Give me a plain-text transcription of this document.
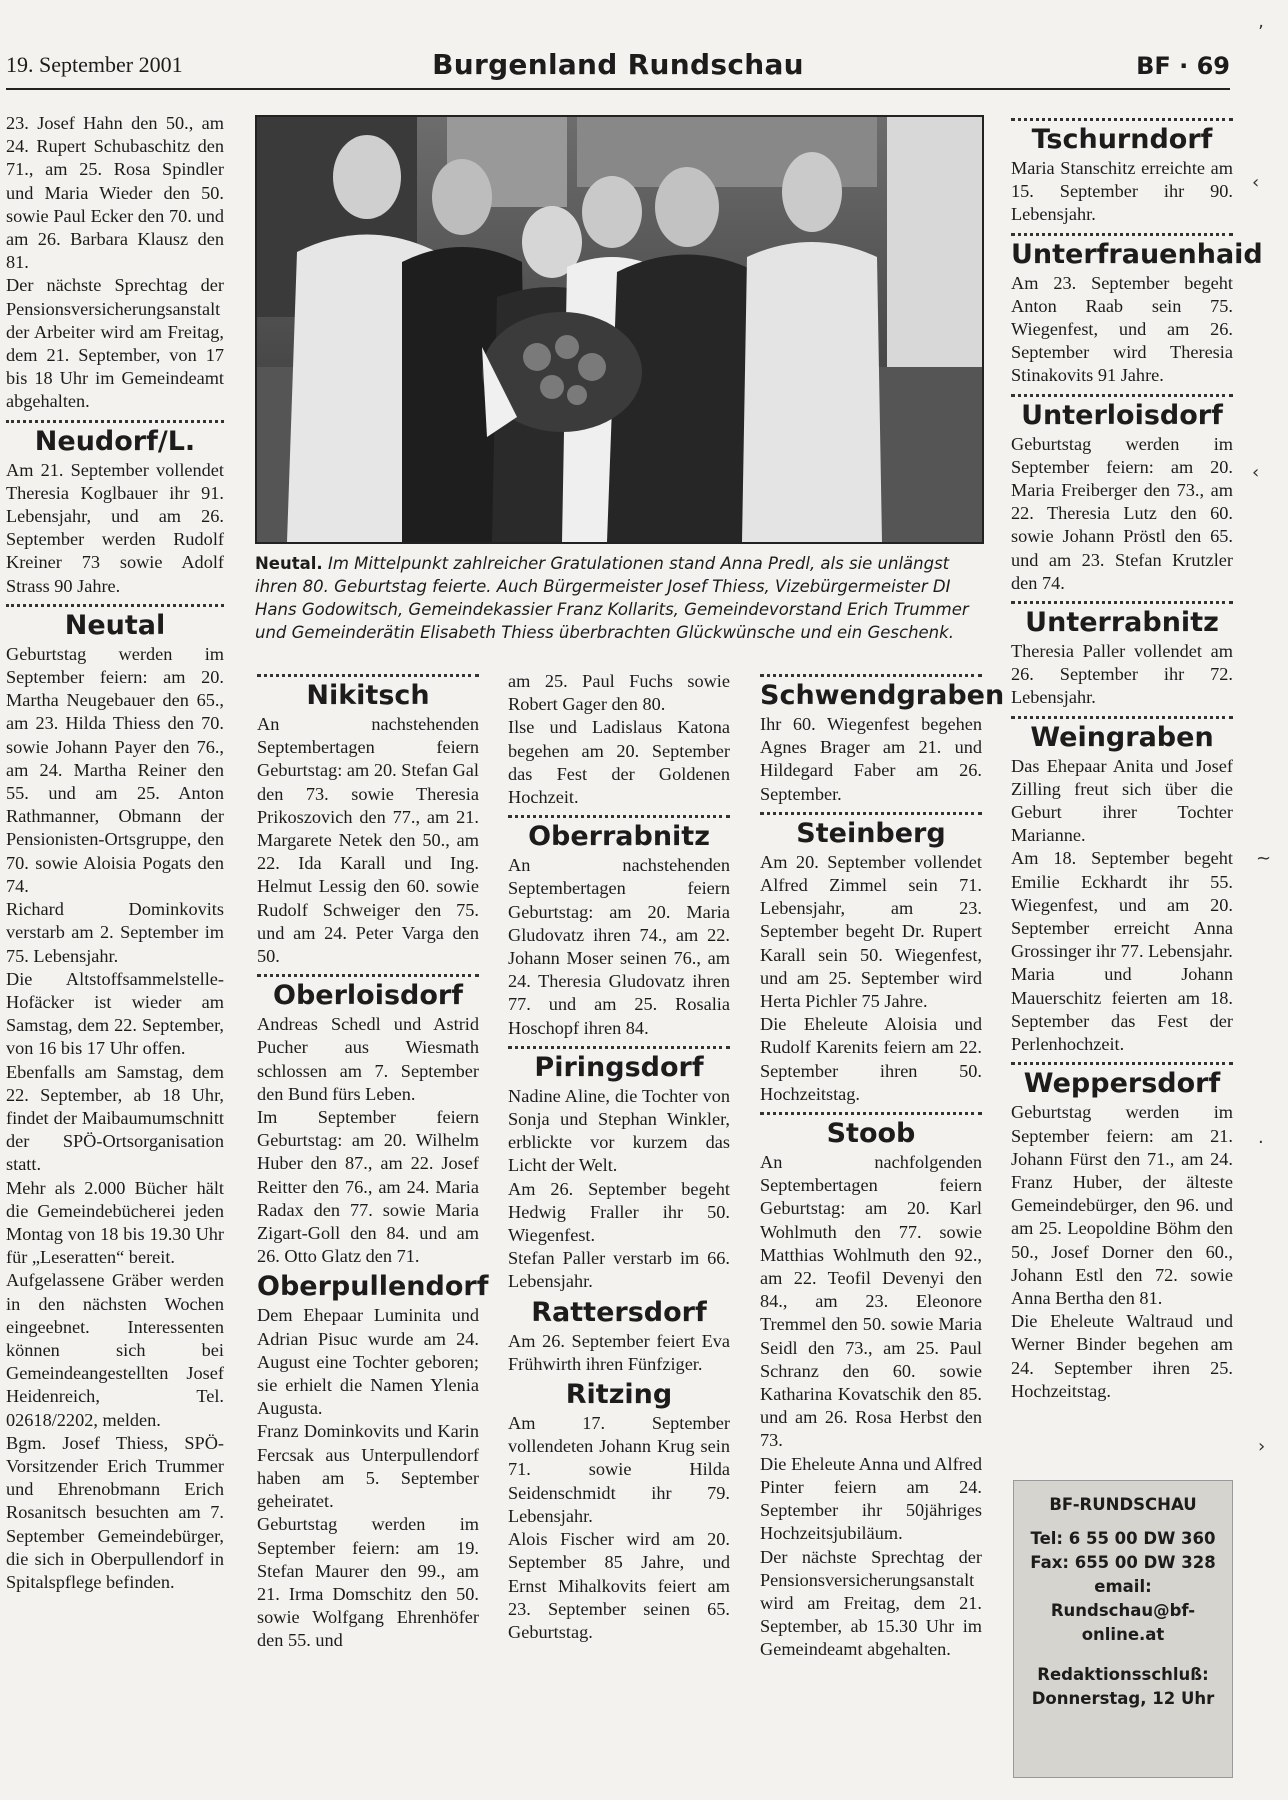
19. September 2001	Burgenland Rundschau	BF · 69

23. Josef Hahn den 50., am 24. Rupert Schubaschitz den 71., am 25. Rosa Spindler und Maria Wieder den 50. sowie Paul Ecker den 70. und am 26. Barbara Klausz den 81.

Der nächste Sprechtag der Pensionsversicherungsanstalt der Arbeiter wird am Freitag, dem 21. September, von 17 bis 18 Uhr im Gemeindeamt abgehalten.

Neudorf/L.

Am 21. September vollendet Theresia Koglbauer ihr 91. Lebensjahr, und am 26. September werden Rudolf Kreiner 73 sowie Adolf Strass 90 Jahre.

Neutal

Geburtstag werden im September feiern: am 20. Martha Neugebauer den 65., am 23. Hilda Thiess den 70. sowie Johann Payer den 76., am 24. Martha Reiner den 55. und am 25. Anton Rathmanner, Obmann der Pensionisten-Ortsgruppe, den 70. sowie Aloisia Pogats den 74.

Richard Dominkovits verstarb am 2. September im 75. Lebensjahr.

Die Altstoffsammelstelle-Hofäcker ist wieder am Samstag, dem 22. September, von 16 bis 17 Uhr offen.

Ebenfalls am Samstag, dem 22. September, ab 18 Uhr, findet der Maibaumumschnitt der SPÖ-Ortsorganisation statt.

Mehr als 2.000 Bücher hält die Gemeindebücherei jeden Montag von 18 bis 19.30 Uhr für „Leseratten“ bereit.

Aufgelassene Gräber werden in den nächsten Wochen eingeebnet. Interessenten können sich bei Gemeindeangestellten Josef Heidenreich, Tel. 02618/2202, melden.

Bgm. Josef Thiess, SPÖ-Vorsitzender Erich Trummer und Ehrenobmann Erich Rosanitsch besuchten am 7. September Gemeindebürger, die sich in Oberpullendorf in Spitalspflege befinden.

Neutal. Im Mittelpunkt zahlreicher Gratulationen stand Anna Predl, als sie unlängst ihren 80. Geburtstag feierte. Auch Bürgermeister Josef Thiess, Vizebürgermeister DI Hans Godowitsch, Gemeindekassier Franz Kollarits, Gemeindevorstand Erich Trummer und Gemeinderätin Elisabeth Thiess überbrachten Glückwünsche und ein Geschenk.
Nikitsch

An nachstehenden Septembertagen feiern Geburtstag: am 20. Stefan Gal den 73. sowie Theresia Prikoszovich den 77., am 21. Margarete Netek den 50., am 22. Ida Karall und Ing. Helmut Lessig den 60. sowie Rudolf Schweiger den 75. und am 24. Peter Varga den 50.

Oberloisdorf

Andreas Schedl und Astrid Pucher aus Wiesmath schlossen am 7. September den Bund fürs Leben.

Im September feiern Geburtstag: am 20. Wilhelm Huber den 87., am 22. Josef Reitter den 76., am 24. Maria Radax den 77. sowie Maria Zigart-Goll den 84. und am 26. Otto Glatz den 71.

Oberpullendorf

Dem Ehepaar Luminita und Adrian Pisuc wurde am 24. August eine Tochter geboren; sie erhielt die Namen Ylenia Augusta.

Franz Dominkovits und Karin Fercsak aus Unterpullendorf haben am 5. September geheiratet.

Geburtstag werden im September feiern: am 19. Stefan Maurer den 99., am 21. Irma Domschitz den 50. sowie Wolfgang Ehrenhöfer den 55. und

am 25. Paul Fuchs sowie Robert Gager den 80.

Ilse und Ladislaus Katona begehen am 20. September das Fest der Goldenen Hochzeit.

Oberrabnitz

An nachstehenden Septembertagen feiern Geburtstag: am 20. Maria Gludovatz ihren 74., am 22. Johann Moser seinen 76., am 24. Theresia Gludovatz ihren 77. und am 25. Rosalia Hoschopf ihren 84.

Piringsdorf

Nadine Aline, die Tochter von Sonja und Stephan Winkler, erblickte vor kurzem das Licht der Welt.

Am 26. September begeht Hedwig Fraller ihr 50. Wiegenfest.

Stefan Paller verstarb im 66. Lebensjahr.

Rattersdorf

Am 26. September feiert Eva Frühwirth ihren Fünfziger.

Ritzing

Am 17. September vollendeten Johann Krug sein 71. sowie Hilda Seidenschmidt ihr 79. Lebensjahr.

Alois Fischer wird am 20. September 85 Jahre, und Ernst Mihalkovits feiert am 23. September seinen 65. Geburtstag.

Schwendgraben

Ihr 60. Wiegenfest begehen Agnes Brager am 21. und Hildegard Faber am 26. September.

Steinberg

Am 20. September vollendet Alfred Zimmel sein 71. Lebensjahr, am 23. September begeht Dr. Rupert Karall sein 50. Wiegenfest, und am 25. September wird Herta Pichler 75 Jahre.

Die Eheleute Aloisia und Rudolf Karenits feiern am 22. September ihren 50. Hochzeitstag.

Stoob

An nachfolgenden Septembertagen feiern Geburtstag: am 20. Karl Wohlmuth den 77. sowie Matthias Wohlmuth den 92., am 22. Teofil Devenyi den 84., am 23. Eleonore Tremmel den 50. sowie Maria Seidl den 73., am 25. Paul Schranz den 60. sowie Katharina Kovatschik den 85. und am 26. Rosa Herbst den 73.

Die Eheleute Anna und Alfred Pinter feiern am 24. September ihr 50jähriges Hochzeitsjubiläum.

Der nächste Sprechtag der Pensionsversicherungsanstalt wird am Freitag, dem 21. September, ab 15.30 Uhr im Gemeindeamt abgehalten.

Tschurndorf

Maria Stanschitz erreichte am 15. September ihr 90. Lebensjahr.

Unterfrauenhaid

Am 23. September begeht Anton Raab sein 75. Wiegenfest, und am 26. September wird Theresia Stinakovits 91 Jahre.

Unterloisdorf

Geburtstag werden im September feiern: am 20. Maria Freiberger den 73., am 22. Theresia Lutz den 60. sowie Johann Pröstl den 65. und am 23. Stefan Krutzler den 74.

Unterrabnitz

Theresia Paller vollendet am 26. September ihr 72. Lebensjahr.

Weingraben

Das Ehepaar Anita und Josef Zilling freut sich über die Geburt ihrer Tochter Marianne.

Am 18. September begeht Emilie Eckhardt ihr 55. Wiegenfest, und am 20. September erreicht Anna Grossinger ihr 77. Lebensjahr.

Maria und Johann Mauerschitz feierten am 18. September das Fest der Perlenhochzeit.

Weppersdorf

Geburtstag werden im September feiern: am 21. Johann Fürst den 71., am 24. Franz Huber, der älteste Gemeindebürger, den 96. und am 25. Leopoldine Böhm den 50., Josef Dorner den 60., Johann Estl den 72. sowie Anna Bertha den 81.

Die Eheleute Waltraud und Werner Binder begehen am 24. September ihren 25. Hochzeitstag.

BF-RUNDSCHAU
Tel: 6 55 00 DW 360
Fax: 655 00 DW 328
email:
Rundschau@bf-
online.at
Redaktionsschluß:
Donnerstag, 12 Uhr
ʼ
‹
‹
~
·
›
